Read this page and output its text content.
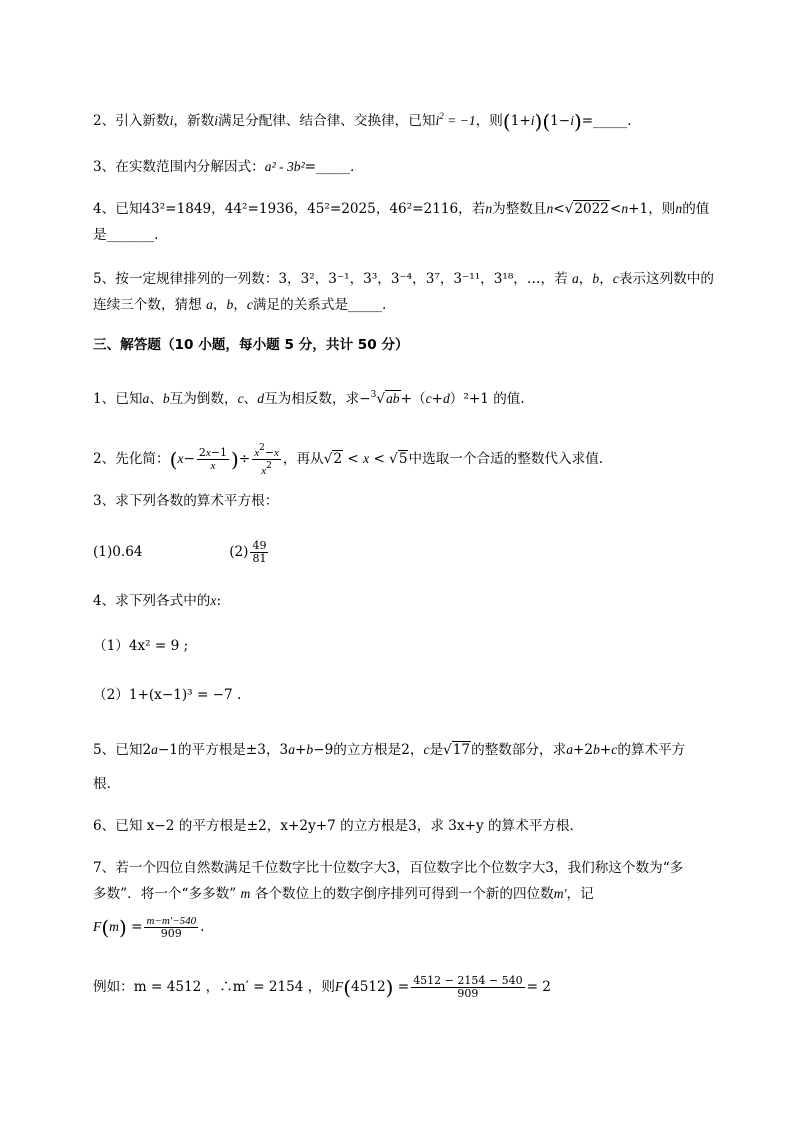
2、引入新数i，新数i满足分配律、结合律、交换律，已知$i^2 = -1$，则(1+i)(1−i)=_____.
3、在实数范围内分解因式：a² - 3b²=_____.
4、已知43²=1849，44²=1936，45²=2025，46²=2116，若n为整数且n<√2022<n+1，则n的值
是_______.
5、按一定规律排列的一列数：3，3²，3⁻¹，3³，3⁻⁴，3⁷，3⁻¹¹，3¹⁸，…，若 a，b，c表示这列数中的
连续三个数，猜想 a，b，c满足的关系式是_____.
三、解答题（10 小题，每小题 5 分，共计 50 分）
1、已知a、b互为倒数，c、d互为相反数，求−$^3$√ab+（c+d）²+1 的值.
2、先化简：($x- \frac{2x-1}{x}$ )÷ $\frac{x^2-x}{x^2}$ ，再从√2 < x < √5中选取一个合适的整数代入求值.
3、求下列各数的算术平方根：
(1)0.64	$(2) \frac{49}{81}$
4、求下列各式中的x:
（1）4x² = 9 ;
（2）1+(x−1)³ = −7 .
5、已知2a−1的平方根是±3，3a+b−9的立方根是2，c是√17的整数部分，求a+2b+c的算术平方
根.
6、已知 x−2 的平方根是±2，x+2y+7 的立方根是3，求 3x+y 的算术平方根.
7、若一个四位自然数满足千位数字比十位数字大3，百位数字比个位数字大3，我们称这个数为“多
多数”．将一个“多多数” m 各个数位上的数字倒序排列可得到一个新的四位数m′，记
$F(m) = \frac{m-m'-540}{909}$ .
例如：m = 4512 ，∴m′ = 2154 ，则$F(4512) = \frac{4512 - 2154 - 540}{909} = 2$
